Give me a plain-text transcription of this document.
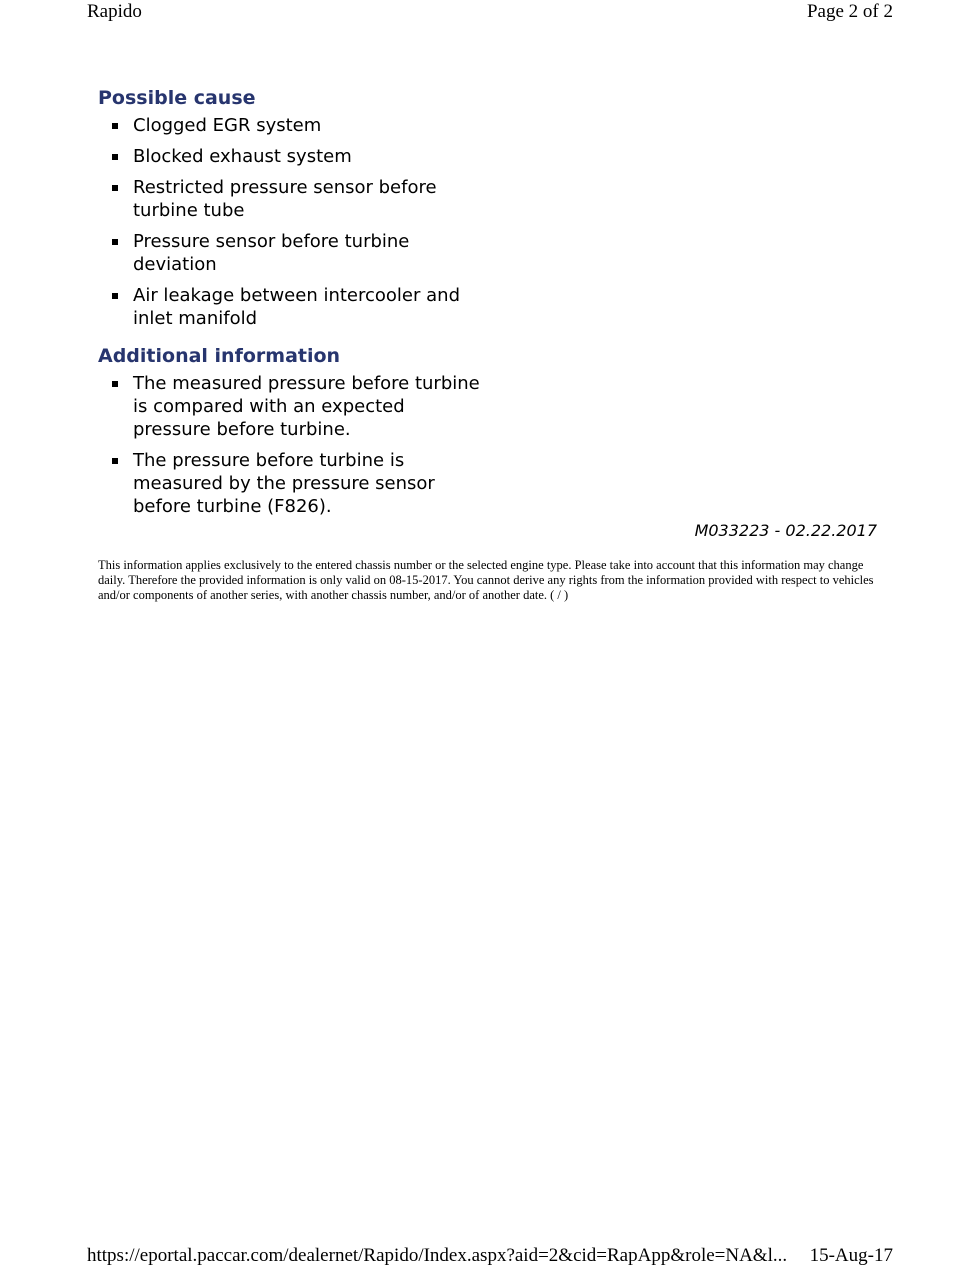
Rapido	Page 2 of 2
Possible cause
Clogged EGR system
Blocked exhaust system
Restricted pressure sensor before turbine tube
Pressure sensor before turbine deviation
Air leakage between intercooler and inlet manifold
Additional information
The measured pressure before turbine is compared with an expected pressure before turbine.
The pressure before turbine is measured by the pressure sensor before turbine (F826).
M033223 - 02.22.2017
This information applies exclusively to the entered chassis number or the selected engine type. Please take into account that this information may change daily. Therefore the provided information is only valid on 08-15-2017. You cannot derive any rights from the information provided with respect to vehicles and/or components of another series, with another chassis number, and/or of another date. ( / )
https://eportal.paccar.com/dealernet/Rapido/Index.aspx?aid=2&cid=RapApp&role=NA&l... 15-Aug-17
